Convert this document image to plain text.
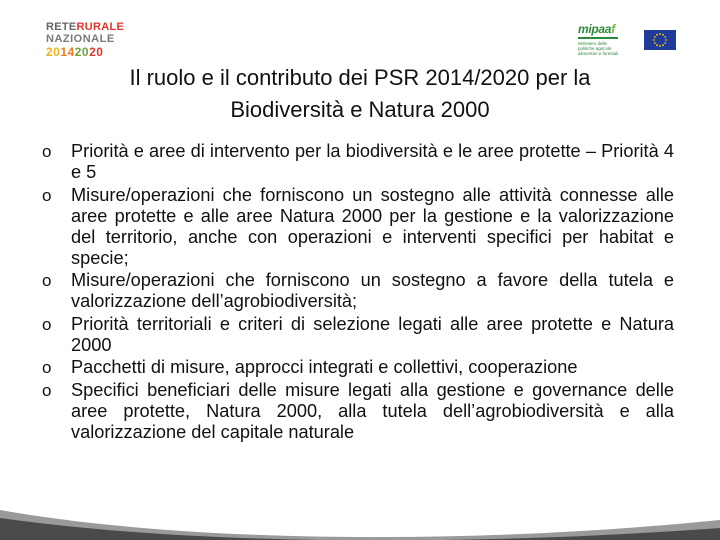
RETERURALE
NAZIONALE
20142020
mipaaf
Ministero delle politiche agricole alimentari e forestali
Il ruolo e il contributo dei PSR 2014/2020 per la
Biodiversità e Natura 2000
o Priorità e aree di intervento per la biodiversità e le aree protette – Priorità 4 e 5
o Misure/operazioni che forniscono un sostegno alle attività connesse alle aree protette e alle aree Natura 2000 per la gestione e la valorizzazione del territorio, anche con operazioni e interventi specifici per habitat e specie;
o Misure/operazioni che forniscono un sostegno a favore della tutela e valorizzazione dell’agrobiodiversità;
o Priorità territoriali e criteri di selezione legati alle aree protette e Natura 2000
o Pacchetti di misure, approcci integrati e collettivi, cooperazione
o Specifici beneficiari delle misure legati alla gestione e governance delle aree protette, Natura 2000, alla tutela dell’agrobiodiversità e alla valorizzazione del capitale naturale
